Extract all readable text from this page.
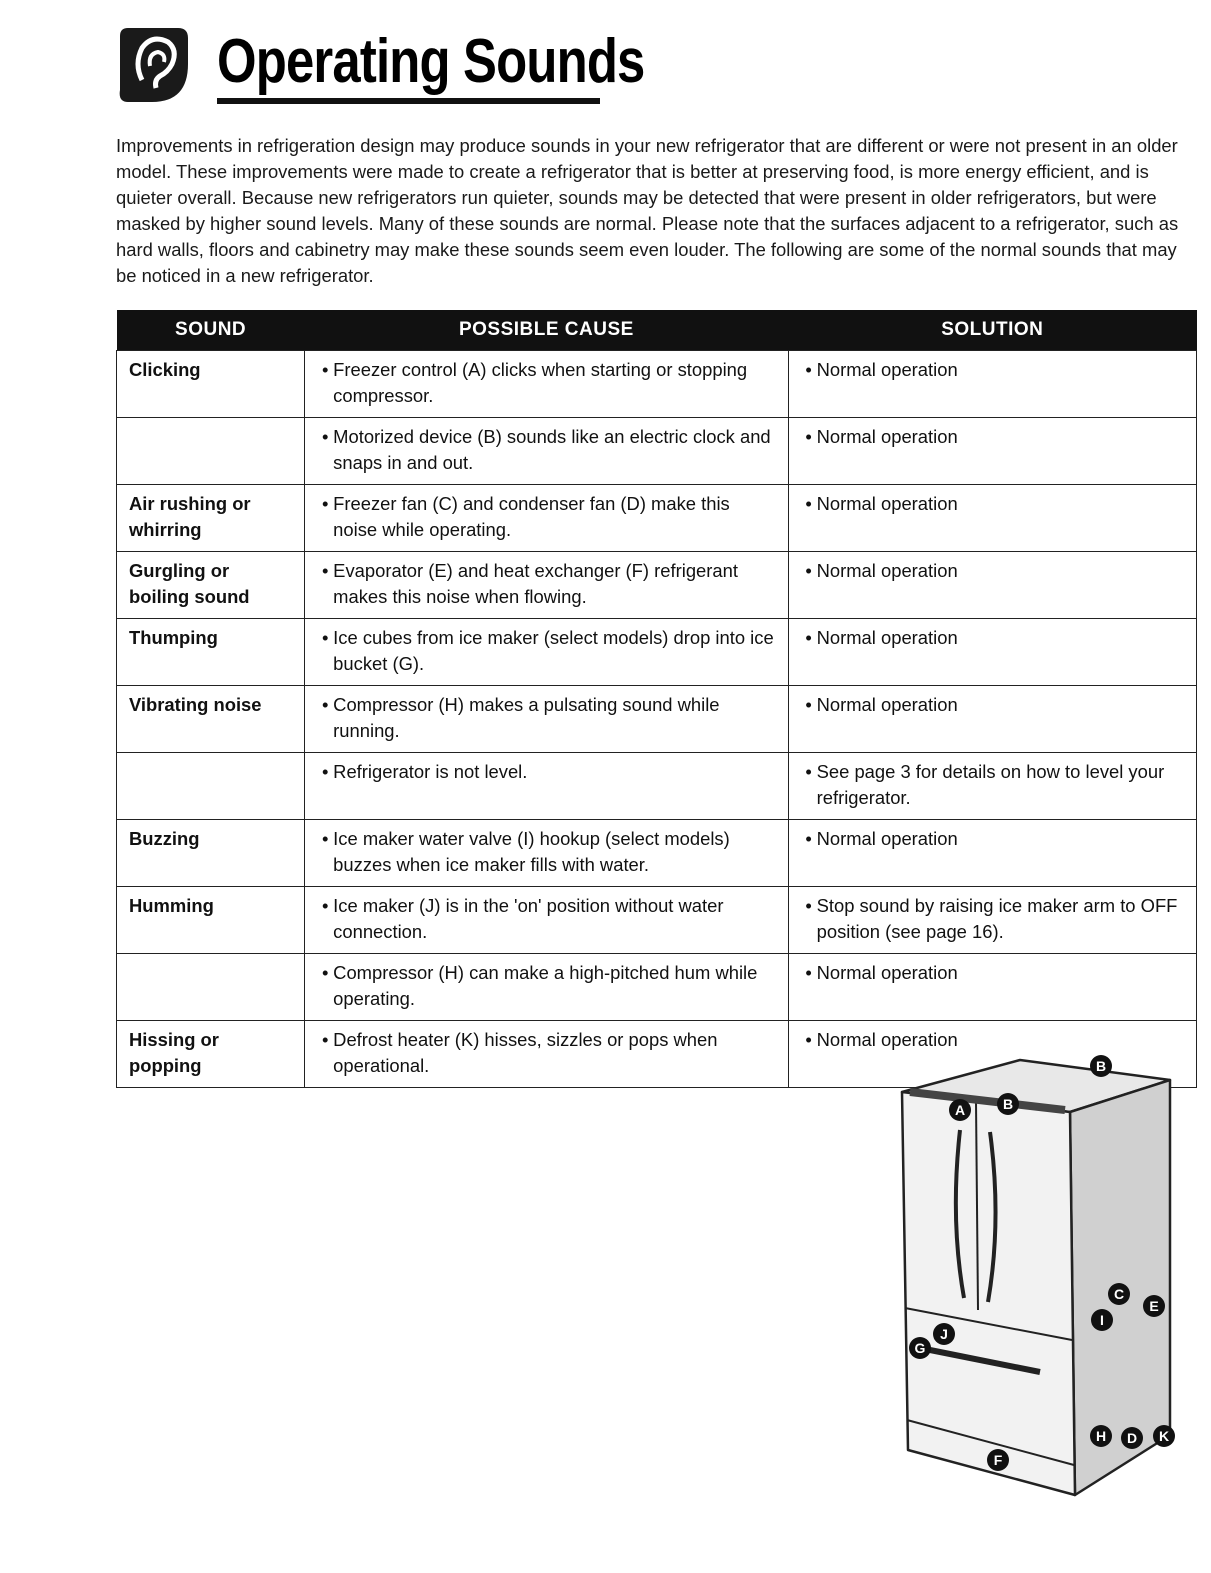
Operating Sounds

Improvements in refrigeration design may produce sounds in your new refrigerator that are different or were not present in an older model. These improvements were made to create a refrigerator that is better at preserving food, is more energy efficient, and is quieter overall. Because new refrigerators run quieter, sounds may be detected that were present in older refrigerators, but were masked by higher sound levels. Many of these sounds are normal. Please note that the surfaces adjacent to a refrigerator, such as hard walls, floors and cabinetry may make these sounds seem even louder. The following are some of the normal sounds that may be noticed in a new refrigerator.

SOUND	POSSIBLE CAUSE	SOLUTION
Clicking	• Freezer control (A) clicks when starting or stopping compressor.	• Normal operation

	• Motorized device (B) sounds like an electric clock and snaps in and out.	• Normal operation

Air rushing or whirring	• Freezer fan (C) and condenser fan (D) make this noise while operating.	• Normal operation

Gurgling or boiling sound	• Evaporator (E) and heat exchanger (F) refrigerant makes this noise when flowing.	• Normal operation

Thumping	• Ice cubes from ice maker (select models) drop into ice bucket (G).	• Normal operation

Vibrating noise	• Compressor (H) makes a pulsating sound while running.	• Normal operation

	• Refrigerator is not level.	• See page 3 for details on how to level your refrigerator.

Buzzing	• Ice maker water valve (I) hookup (select models) buzzes when ice maker fills with water.	• Normal operation

Humming	• Ice maker (J) is in the 'on' position without water connection.	• Stop sound by raising ice maker arm to OFF position (see page 16).

	• Compressor (H) can make a high-pitched hum while operating.	• Normal operation

Hissing or popping	• Defrost heater (K) hisses, sizzles or pops when operational.	• Normal operation
A	B
B
C
D
E
F
G
H
I
J
K
